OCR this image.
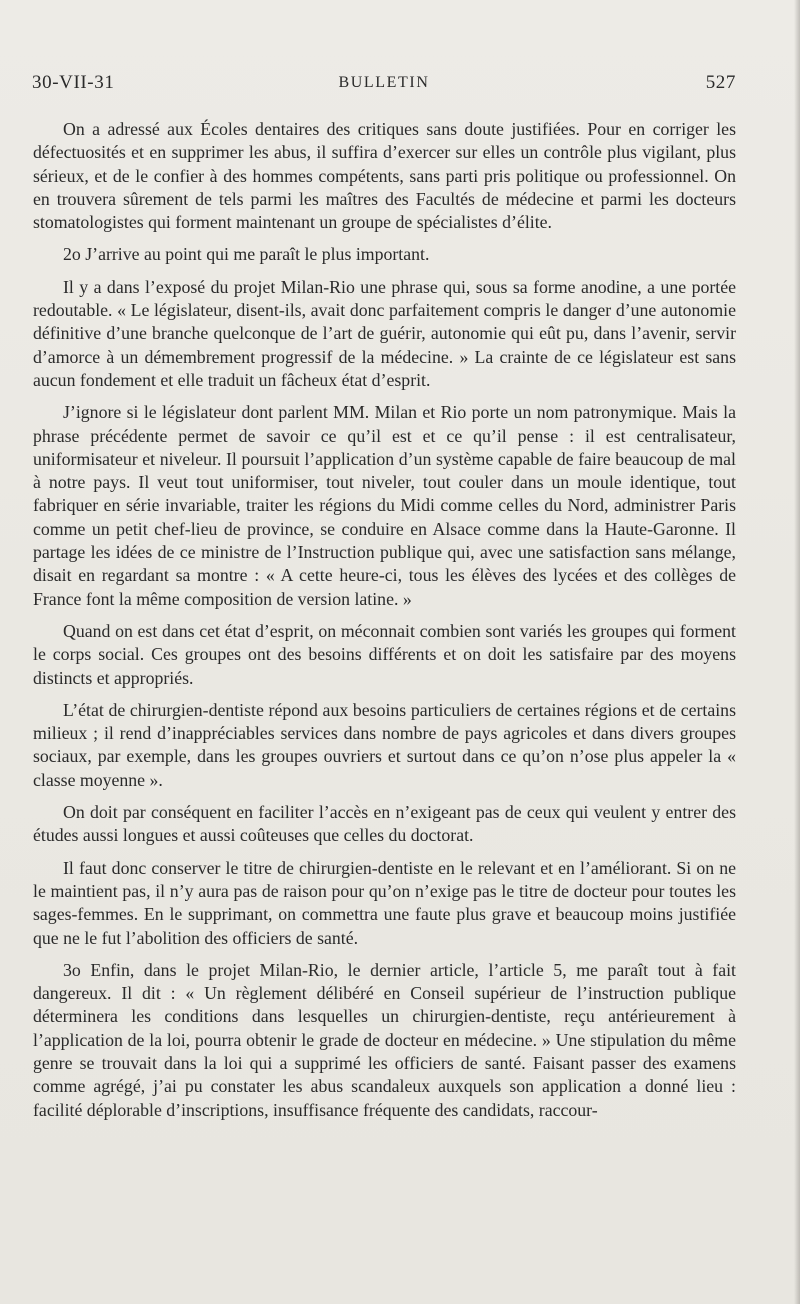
30-VII-31	BULLETIN	527

On a adressé aux Écoles dentaires des critiques sans doute justifiées. Pour en corriger les défectuosités et en supprimer les abus, il suffira d’exercer sur elles un contrôle plus vigilant, plus sérieux, et de le confier à des hommes compétents, sans parti pris politique ou professionnel. On en trouvera sûrement de tels parmi les maîtres des Facultés de médecine et parmi les docteurs stomatologistes qui forment maintenant un groupe de spécialistes d’élite.

2o J’arrive au point qui me paraît le plus important.

Il y a dans l’exposé du projet Milan-Rio une phrase qui, sous sa forme anodine, a une portée redoutable. « Le législateur, disent-ils, avait donc parfaitement compris le danger d’une autonomie définitive d’une branche quelconque de l’art de guérir, autonomie qui eût pu, dans l’avenir, servir d’amorce à un démembrement progressif de la médecine. » La crainte de ce législateur est sans aucun fondement et elle traduit un fâcheux état d’esprit.

J’ignore si le législateur dont parlent MM. Milan et Rio porte un nom patronymique. Mais la phrase précédente permet de savoir ce qu’il est et ce qu’il pense : il est centralisateur, uniformisateur et niveleur. Il poursuit l’application d’un système capable de faire beaucoup de mal à notre pays. Il veut tout uniformiser, tout niveler, tout couler dans un moule identique, tout fabriquer en série invariable, traiter les régions du Midi comme celles du Nord, administrer Paris comme un petit chef-lieu de province, se conduire en Alsace comme dans la Haute-Garonne. Il partage les idées de ce ministre de l’Instruction publique qui, avec une satisfaction sans mélange, disait en regardant sa montre : « A cette heure-ci, tous les élèves des lycées et des collèges de France font la même composition de version latine. »

Quand on est dans cet état d’esprit, on méconnait combien sont variés les groupes qui forment le corps social. Ces groupes ont des besoins différents et on doit les satisfaire par des moyens distincts et appropriés.

L’état de chirurgien-dentiste répond aux besoins particuliers de certaines régions et de certains milieux ; il rend d’inappréciables services dans nombre de pays agricoles et dans divers groupes sociaux, par exemple, dans les groupes ouvriers et surtout dans ce qu’on n’ose plus appeler la « classe moyenne ».

On doit par conséquent en faciliter l’accès en n’exigeant pas de ceux qui veulent y entrer des études aussi longues et aussi coûteuses que celles du doctorat.

Il faut donc conserver le titre de chirurgien-dentiste en le relevant et en l’améliorant. Si on ne le maintient pas, il n’y aura pas de raison pour qu’on n’exige pas le titre de docteur pour toutes les sages-femmes. En le supprimant, on commettra une faute plus grave et beaucoup moins justifiée que ne le fut l’abolition des officiers de santé.

3o Enfin, dans le projet Milan-Rio, le dernier article, l’article 5, me paraît tout à fait dangereux. Il dit : « Un règlement délibéré en Conseil supérieur de l’instruction publique déterminera les conditions dans lesquelles un chirurgien-dentiste, reçu antérieurement à l’application de la loi, pourra obtenir le grade de docteur en médecine. » Une stipulation du même genre se trouvait dans la loi qui a supprimé les officiers de santé. Faisant passer des examens comme agrégé, j’ai pu constater les abus scandaleux auxquels son application a donné lieu : facilité déplorable d’inscriptions, insuffisance fréquente des candidats, raccour-
